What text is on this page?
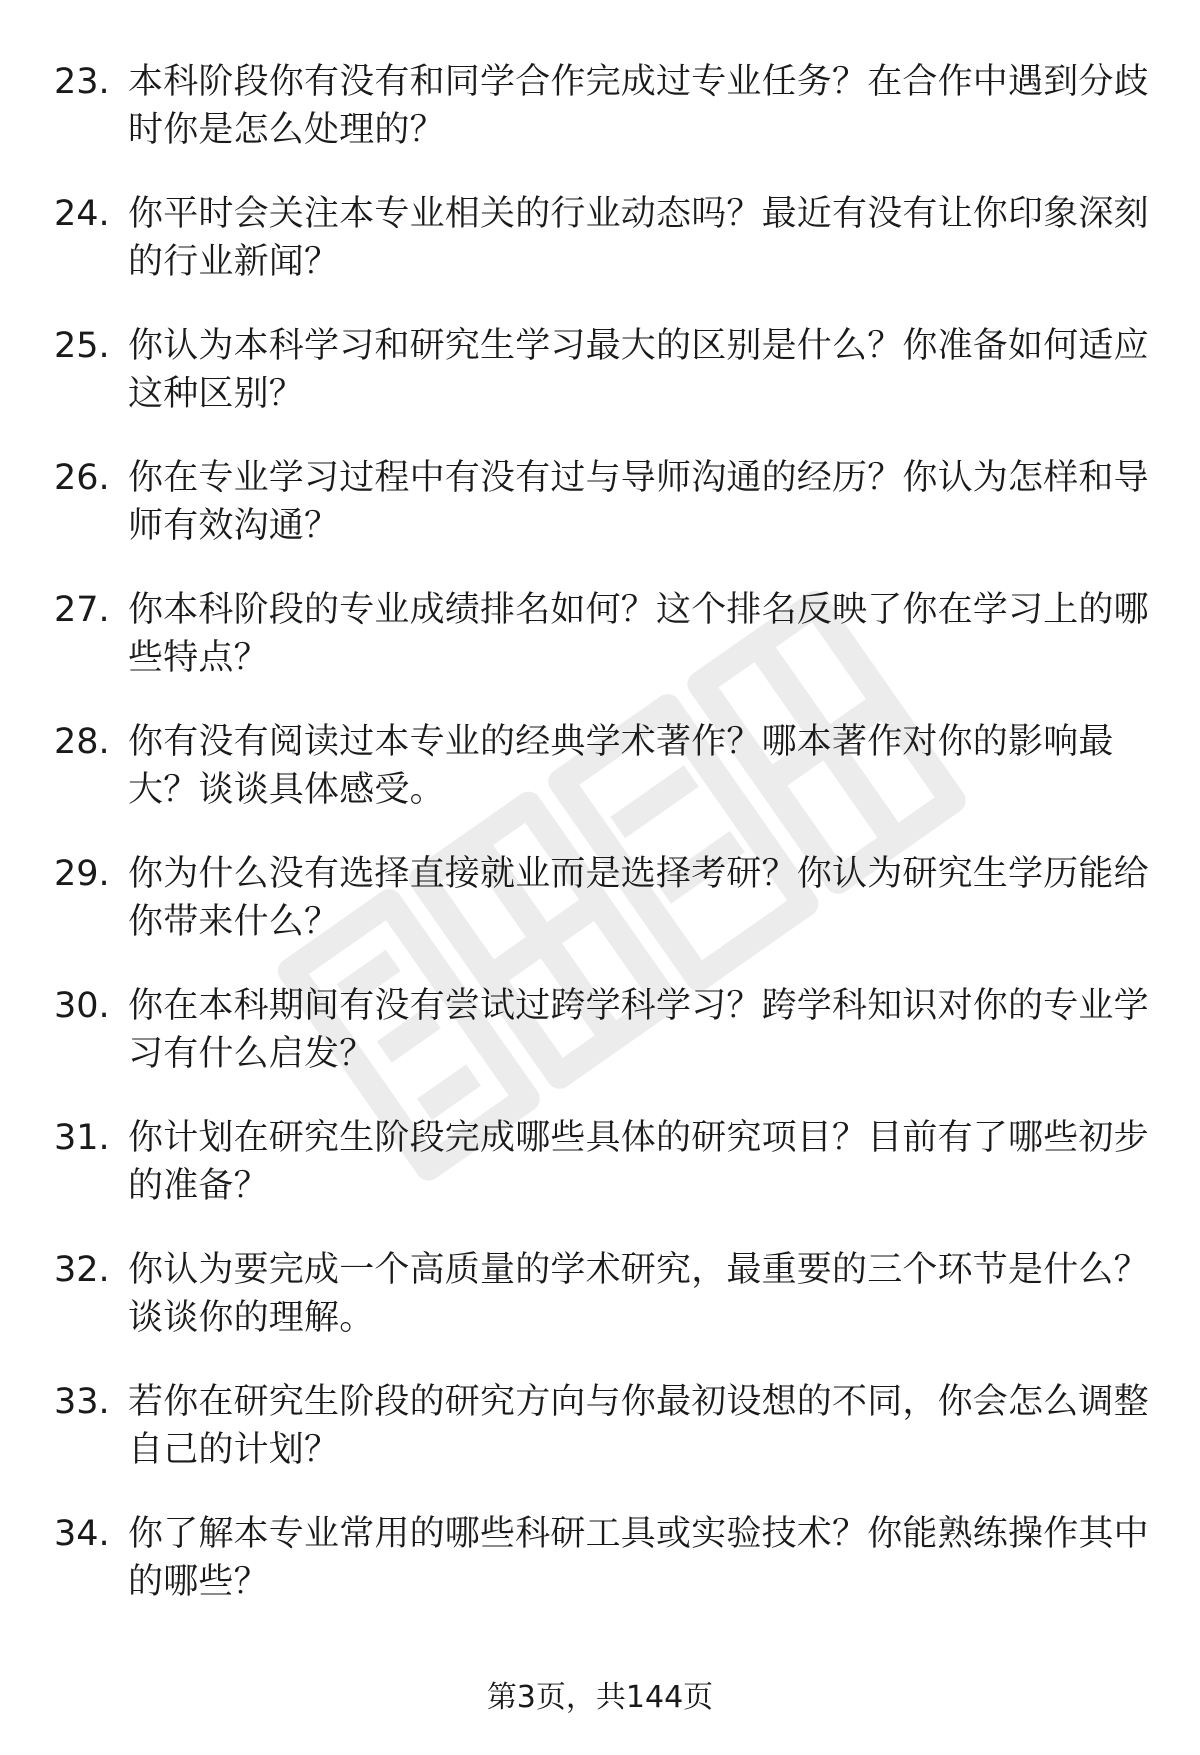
23. 本科阶段你有没有和同学合作完成过专业任务？在合作中遇到分歧时你是怎么处理的？
24. 你平时会关注本专业相关的行业动态吗？最近有没有让你印象深刻的行业新闻？
25. 你认为本科学习和研究生学习最大的区别是什么？你准备如何适应这种区别？
26. 你在专业学习过程中有没有过与导师沟通的经历？你认为怎样和导师有效沟通？
27. 你本科阶段的专业成绩排名如何？这个排名反映了你在学习上的哪些特点？
28. 你有没有阅读过本专业的经典学术著作？哪本著作对你的影响最大？谈谈具体感受。
29. 你为什么没有选择直接就业而是选择考研？你认为研究生学历能给你带来什么？
30. 你在本科期间有没有尝试过跨学科学习？跨学科知识对你的专业学习有什么启发？
31. 你计划在研究生阶段完成哪些具体的研究项目？目前有了哪些初步的准备？
32. 你认为要完成一个高质量的学术研究，最重要的三个环节是什么？谈谈你的理解。
33. 若你在研究生阶段的研究方向与你最初设想的不同，你会怎么调整自己的计划？
34. 你了解本专业常用的哪些科研工具或实验技术？你能熟练操作其中的哪些？
第3页，共144页
